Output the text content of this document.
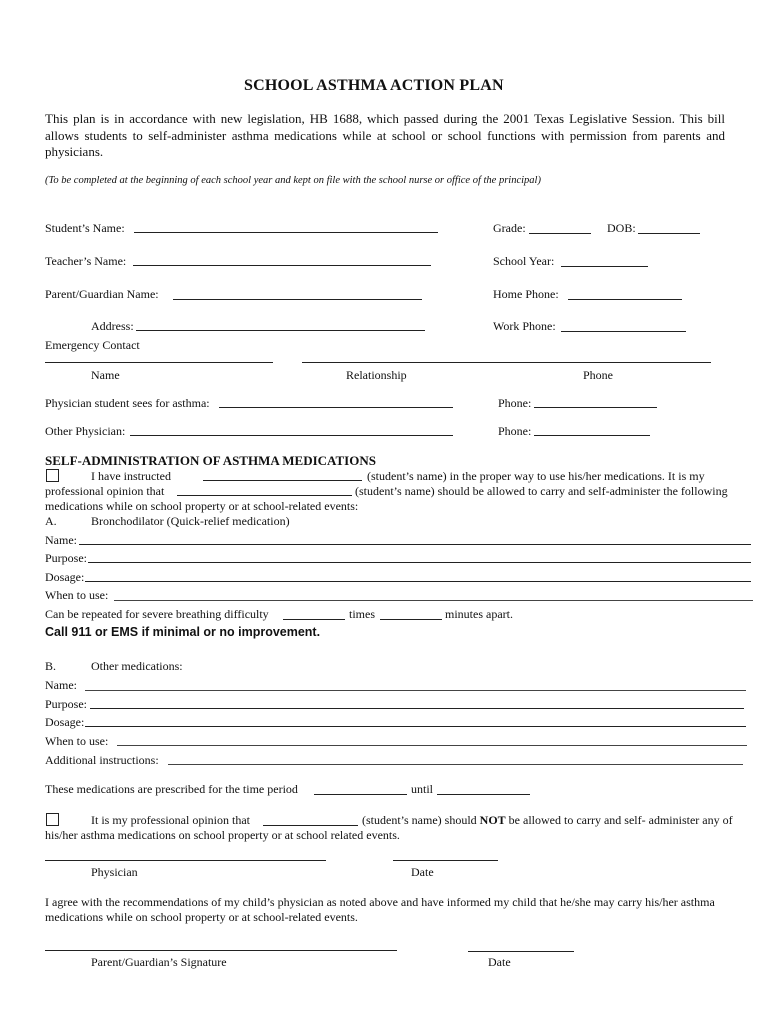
SCHOOL ASTHMA ACTION PLAN
This plan is in accordance with new legislation, HB 1688, which passed during the 2001 Texas Legislative Session. This bill allows students to self-administer asthma medications while at school or school functions with permission from parents and physicians.
(To be completed at the beginning of each school year and kept on file with the school nurse or office of the principal)
Student’s Name:	Grade:	DOB:
Teacher’s Name:	School Year:
Parent/Guardian Name:	Home Phone:
Address:	Work Phone:
Emergency Contact
Name	Relationship	Phone
Physician student sees for asthma:	Phone:
Other Physician:	Phone:
SELF-ADMINISTRATION OF ASTHMA MEDICATIONS
I have instructed	(student’s name) in the proper way to use his/her medications. It is my
professional opinion that	(student’s name) should be allowed to carry and self-administer the following
medications while on school property or at school-related events:
A.	Bronchodilator (Quick-relief medication)
Name:
Purpose:
Dosage:
When to use:
Can be repeated for severe breathing difficulty	times	minutes apart.
Call 911 or EMS if minimal or no improvement.
B.	Other medications:
Name:
Purpose:
Dosage:
When to use:
Additional instructions:
These medications are prescribed for the time period	until
It is my professional opinion that	(student’s name) should NOT be allowed to carry and self- administer any of
his/her asthma medications on school property or at school related events.
Physician	Date
I agree with the recommendations of my child’s physician as noted above and have informed my child that he/she may carry his/her asthma
medications while on school property or at school-related events.
Parent/Guardian’s Signature	Date
